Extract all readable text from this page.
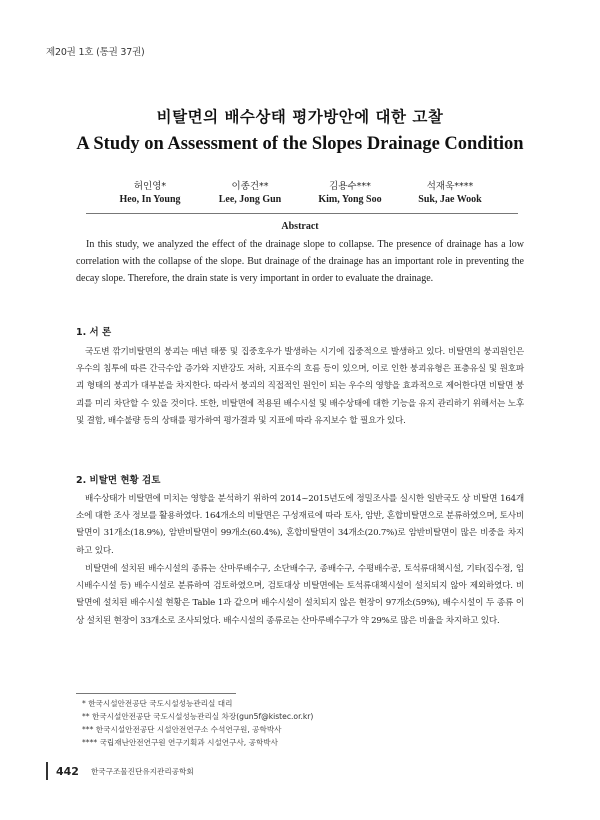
제20권 1호 (통권 37권)
비탈면의 배수상태 평가방안에 대한 고찰
A Study on Assessment of the Slopes Drainage Condition
허인영*	이종건**	김용수***	석재욱****
Heo, In Young	Lee, Jong Gun	Kim, Yong Soo	Suk, Jae Wook
Abstract
In this study, we analyzed the effect of the drainage slope to collapse. The presence of drainage has a low correlation with the collapse of the slope. But drainage of the drainage has an important role in preventing the decay slope. Therefore, the drain state is very important in order to evaluate the drainage.
1. 서 론
국도변 깎기비탈면의 붕괴는 매년 태풍 및 집중호우가 발생하는 시기에 집중적으로 발생하고 있다. 비탈면의 붕괴원인은 우수의 침투에 따른 간극수압 증가와 지반강도 저하, 지표수의 흐름 등이 있으며, 이로 인한 붕괴유형은 표층유실 및 원호파괴 형태의 붕괴가 대부분을 차지한다. 따라서 붕괴의 직접적인 원인이 되는 우수의 영향을 효과적으로 제어한다면 비탈면 붕괴를 미리 차단할 수 있을 것이다. 또한, 비탈면에 적용된 배수시설 및 배수상태에 대한 기능을 유지 관리하기 위해서는 노후 및 결함, 배수불량 등의 상태를 평가하여 평가결과 및 지표에 따라 유지보수 할 필요가 있다.
2. 비탈면 현황 검토
배수상태가 비탈면에 미치는 영향을 분석하기 위하여 2014~2015년도에 정밀조사를 실시한 일반국도 상 비탈면 164개소에 대한 조사 정보를 활용하였다. 164개소의 비탈면은 구성재료에 따라 토사, 암반, 혼합비탈면으로 분류하였으며, 토사비탈면이 31개소(18.9%), 암반비탈면이 99개소(60.4%), 혼합비탈면이 34개소(20.7%)로 암반비탈면이 많은 비중을 차지하고 있다.
비탈면에 설치된 배수시설의 종류는 산마루배수구, 소단배수구, 종배수구, 수평배수공, 토석류대책시설, 기타(집수정, 임시배수시설 등) 배수시설로 분류하여 검토하였으며, 검토대상 비탈면에는 토석류대책시설이 설치되지 않아 제외하였다. 비탈면에 설치된 배수시설 현황은 Table 1과 같으며 배수시설이 설치되지 않은 현장이 97개소(59%), 배수시설이 두 종류 이상 설치된 현장이 33개소로 조사되었다. 배수시설의 종류로는 산마루배수구가 약 29%로 많은 비율을 차지하고 있다.
* 한국시설안전공단 국도시설성능관리실 대리
** 한국시설안전공단 국도시설성능관리실 차장(gun5f@kistec.or.kr)
*** 한국시설안전공단 시설안전연구소 수석연구원, 공학박사
**** 국립재난안전연구원 연구기획과 시설연구사, 공학박사
442 한국구조물진단유지관리공학회
